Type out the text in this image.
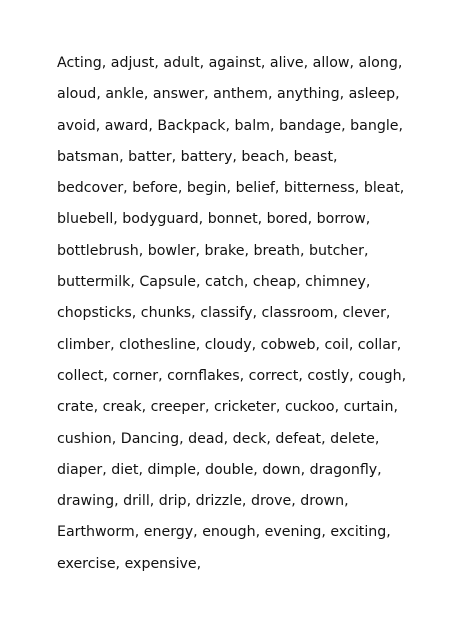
Acting, adjust, adult, against, alive, allow, along,
aloud, ankle, answer, anthem, anything, asleep,
avoid, award, Backpack, balm, bandage, bangle,
batsman, batter, battery, beach, beast,
bedcover, before, begin, belief, bitterness, bleat,
bluebell, bodyguard, bonnet, bored, borrow,
bottlebrush, bowler, brake, breath, butcher,
buttermilk, Capsule, catch, cheap, chimney,
chopsticks, chunks, classify, classroom, clever,
climber, clothesline, cloudy, cobweb, coil, collar,
collect, corner, cornflakes, correct, costly, cough,
crate, creak, creeper, cricketer, cuckoo, curtain,
cushion, Dancing, dead, deck, defeat, delete,
diaper, diet, dimple, double, down, dragonfly,
drawing, drill, drip, drizzle, drove, drown,
Earthworm, energy, enough, evening, exciting,
exercise, expensive,
